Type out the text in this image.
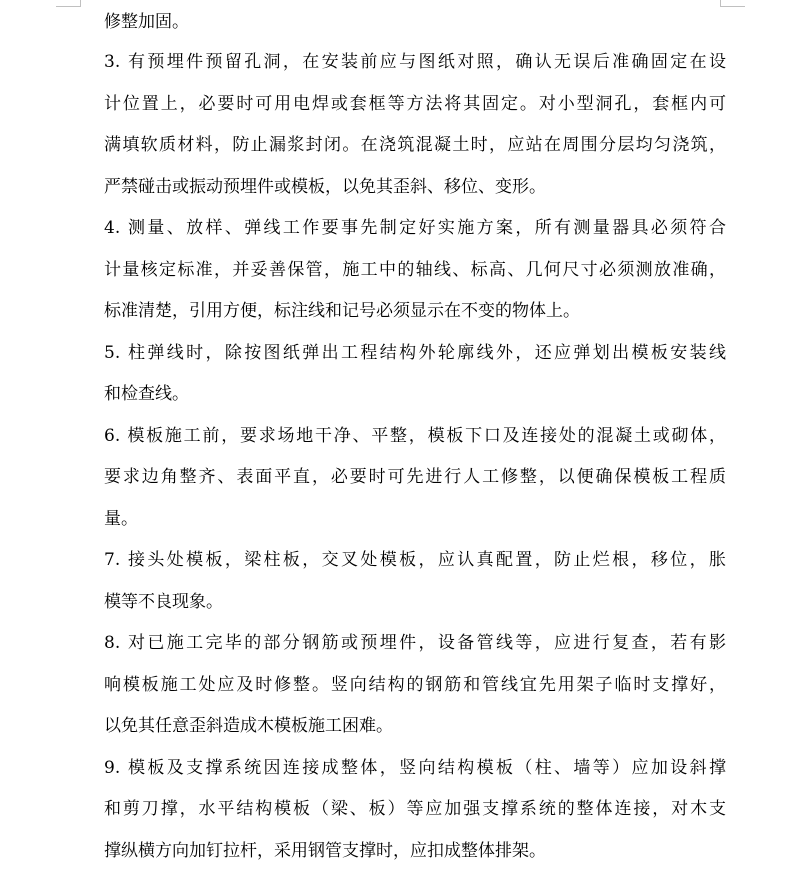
修整加固。
3. 有预埋件预留孔洞，在安装前应与图纸对照，确认无误后准确固定在设
计位置上，必要时可用电焊或套框等方法将其固定。对小型洞孔，套框内可
满填软质材料，防止漏浆封闭。在浇筑混凝土时，应站在周围分层均匀浇筑，
严禁碰击或振动预埋件或模板，以免其歪斜、移位、变形。
4. 测量、放样、弹线工作要事先制定好实施方案，所有测量器具必须符合
计量核定标准，并妥善保管，施工中的轴线、标高、几何尺寸必须测放准确，
标准清楚，引用方便，标注线和记号必须显示在不变的物体上。
5. 柱弹线时，除按图纸弹出工程结构外轮廓线外，还应弹划出模板安装线
和检查线。
6. 模板施工前，要求场地干净、平整，模板下口及连接处的混凝土或砌体，
要求边角整齐、表面平直，必要时可先进行人工修整，以便确保模板工程质
量。
7. 接头处模板，梁柱板，交叉处模板，应认真配置，防止烂根，移位，胀
模等不良现象。
8. 对已施工完毕的部分钢筋或预埋件，设备管线等，应进行复查，若有影
响模板施工处应及时修整。竖向结构的钢筋和管线宜先用架子临时支撑好，
以免其任意歪斜造成木模板施工困难。
9. 模板及支撑系统因连接成整体，竖向结构模板（柱、墙等）应加设斜撑
和剪刀撑，水平结构模板（梁、板）等应加强支撑系统的整体连接，对木支
撑纵横方向加钉拉杆，采用钢管支撑时，应扣成整体排架。
